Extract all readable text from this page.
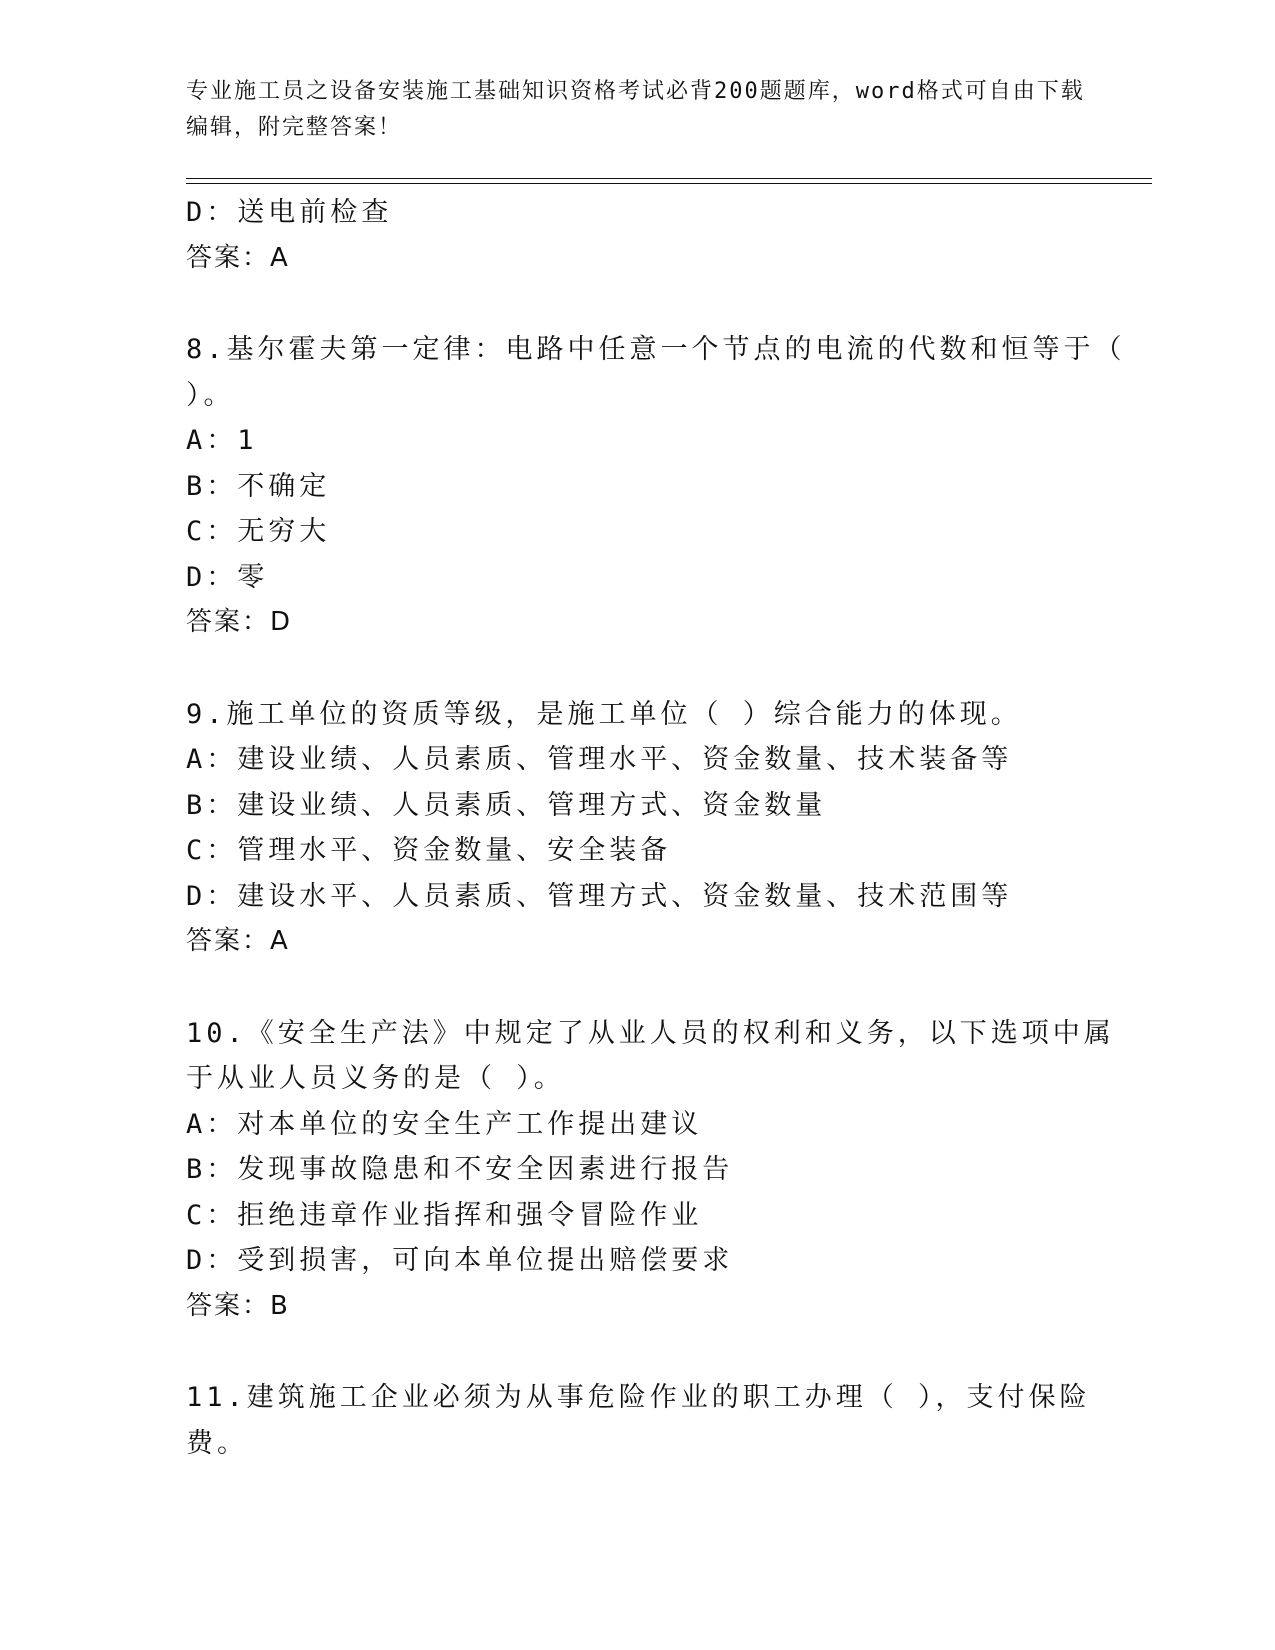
专业施工员之设备安装施工基础知识资格考试必背200题题库，word格式可自由下载编辑，附完整答案！
D：送电前检查
答案：A
8.基尔霍夫第一定律：电路中任意一个节点的电流的代数和恒等于（ ）。
A：1
B：不确定
C：无穷大
D：零
答案：D
9.施工单位的资质等级，是施工单位（ ）综合能力的体现。
A：建设业绩、人员素质、管理水平、资金数量、技术装备等
B：建设业绩、人员素质、管理方式、资金数量
C：管理水平、资金数量、安全装备
D：建设水平、人员素质、管理方式、资金数量、技术范围等
答案：A
10.《安全生产法》中规定了从业人员的权利和义务，以下选项中属于从业人员义务的是（ ）。
A：对本单位的安全生产工作提出建议
B：发现事故隐患和不安全因素进行报告
C：拒绝违章作业指挥和强令冒险作业
D：受到损害，可向本单位提出赔偿要求
答案：B
11.建筑施工企业必须为从事危险作业的职工办理（ ），支付保险费。
